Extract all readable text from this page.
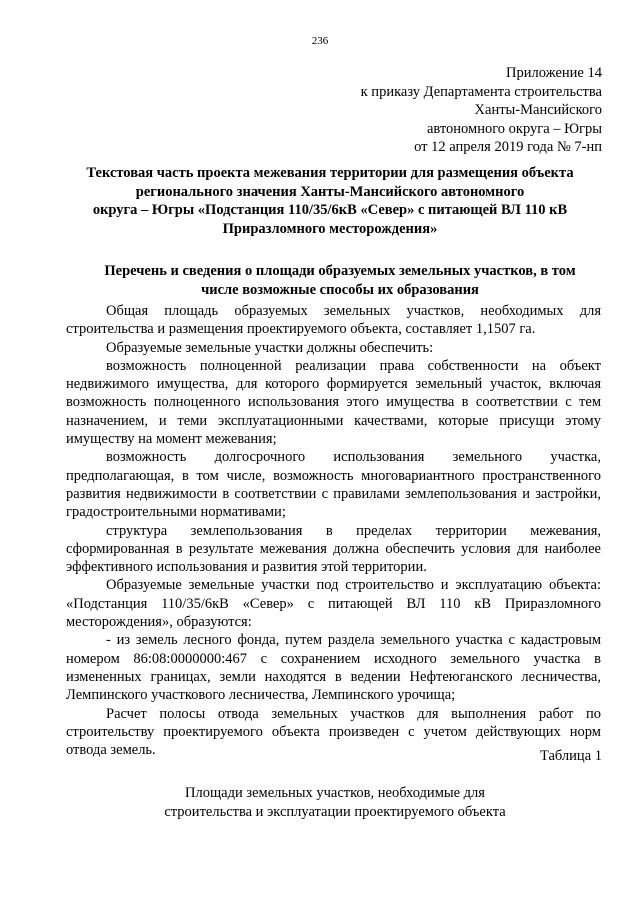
236
Приложение 14
к приказу Департамента строительства
Ханты-Мансийского
автономного округа – Югры
от 12 апреля 2019 года № 7-нп
Текстовая часть проекта межевания территории для размещения объекта
регионального значения Ханты-Мансийского автономного
округа – Югры «Подстанция 110/35/6кВ «Север» с питающей ВЛ 110 кВ
Приразломного месторождения»
Перечень и сведения о площади образуемых земельных участков, в том
числе возможные способы их образования

Общая площадь образуемых земельных участков, необходимых для строительства и размещения проектируемого объекта, составляет 1,1507 га.

Образуемые земельные участки должны обеспечить:

возможность полноценной реализации права собственности на объект недвижимого имущества, для которого формируется земельный участок, включая возможность полноценного использования этого имущества в соответствии с тем назначением, и теми эксплуатационными качествами, которые присущи этому имуществу на момент межевания;

возможность долгосрочного использования земельного участка, предполагающая, в том числе, возможность многовариантного пространственного развития недвижимости в соответствии с правилами землепользования и застройки, градостроительными нормативами;

структура землепользования в пределах территории межевания, сформированная в результате межевания должна обеспечить условия для наиболее эффективного использования и развития этой территории.

Образуемые земельные участки под строительство и эксплуатацию объекта: «Подстанция 110/35/6кВ «Север» с питающей ВЛ 110 кВ Приразломного месторождения», образуются:

- из земель лесного фонда, путем раздела земельного участка с кадастровым номером 86:08:0000000:467 с сохранением исходного земельного участка в измененных границах, земли находятся в ведении Нефтеюганского лесничества, Лемпинского участкового лесничества, Лемпинского урочища;

Расчет полосы отвода земельных участков для выполнения работ по строительству проектируемого объекта произведен с учетом действующих норм отвода земель.	Таблица 1
Площади земельных участков, необходимые для
строительства и эксплуатации проектируемого объекта
